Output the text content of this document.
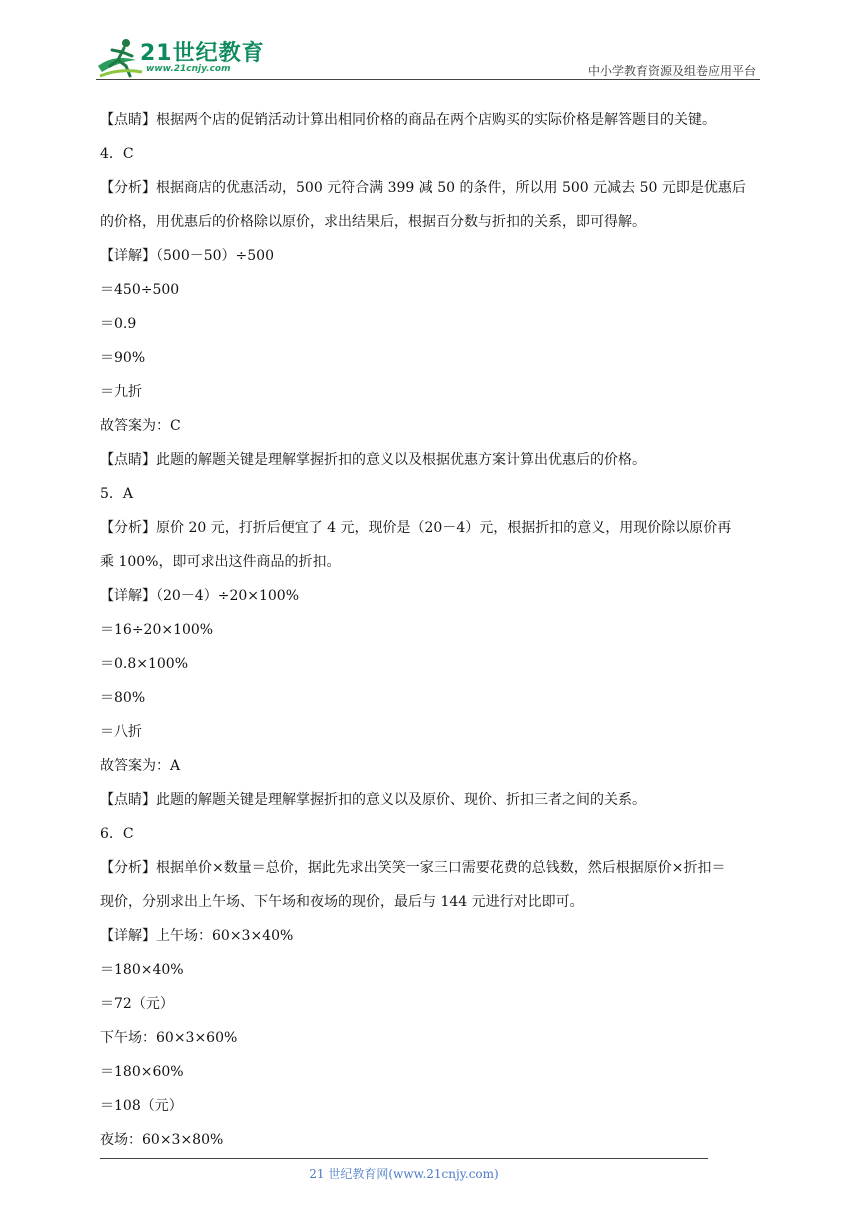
21世纪教育
www.21cnjy.com	中小学教育资源及组卷应用平台
【点睛】根据两个店的促销活动计算出相同价格的商品在两个店购买的实际价格是解答题目的关键。
4．C
【分析】根据商店的优惠活动，500 元符合满 399 减 50 的条件，所以用 500 元减去 50 元即是优惠后
的价格，用优惠后的价格除以原价，求出结果后，根据百分数与折扣的关系，即可得解。
【详解】（500－50）÷500
＝450÷500
＝0.9
＝90%
＝九折
故答案为：C
【点睛】此题的解题关键是理解掌握折扣的意义以及根据优惠方案计算出优惠后的价格。
5．A
【分析】原价 20 元，打折后便宜了 4 元，现价是（20－4）元，根据折扣的意义，用现价除以原价再
乘 100%，即可求出这件商品的折扣。
【详解】（20－4）÷20×100%
＝16÷20×100%
＝0.8×100%
＝80%
＝八折
故答案为：A
【点睛】此题的解题关键是理解掌握折扣的意义以及原价、现价、折扣三者之间的关系。
6．C
【分析】根据单价×数量＝总价，据此先求出笑笑一家三口需要花费的总钱数，然后根据原价×折扣＝
现价，分别求出上午场、下午场和夜场的现价，最后与 144 元进行对比即可。
【详解】上午场：60×3×40%
＝180×40%
＝72（元）
下午场：60×3×60%
＝180×60%
＝108（元）
夜场：60×3×80%
21 世纪教育网(www.21cnjy.com)
